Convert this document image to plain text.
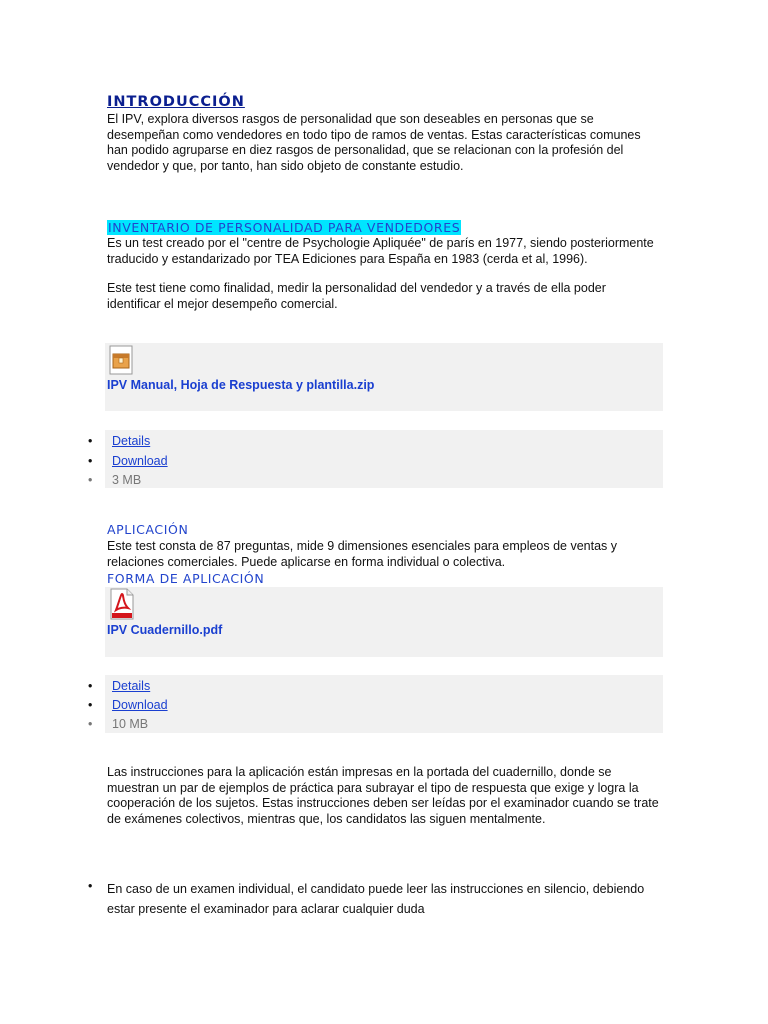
INTRODUCCIÓN
El IPV, explora diversos rasgos de personalidad que son deseables en personas que se
desempeñan como vendedores en todo tipo de ramos de ventas. Estas características comunes
han podido agruparse en diez rasgos de personalidad, que se relacionan con la profesión del
vendedor y que, por tanto, han sido objeto de constante estudio.
INVENTARIO DE PERSONALIDAD PARA VENDEDORES
Es un test creado por el "centre de Psychologie Apliquée" de parís en 1977, siendo posteriormente
traducido y estandarizado por TEA Ediciones para España en 1983 (cerda et al, 1996).
Este test tiene como finalidad, medir la personalidad del vendedor y a través de ella poder
identificar el mejor desempeño comercial.
IPV Manual, Hoja de Respuesta y plantilla.zip
•	Details
•	Download
•	3 MB
APLICACIÓN
Este test consta de 87 preguntas, mide 9 dimensiones esenciales para empleos de ventas y
relaciones comerciales. Puede aplicarse en forma individual o colectiva.
FORMA DE APLICACIÓN
IPV Cuadernillo.pdf
•	Details
•	Download
•	10 MB
Las instrucciones para la aplicación están impresas en la portada del cuadernillo, donde se
muestran un par de ejemplos de práctica para subrayar el tipo de respuesta que exige y logra la
cooperación de los sujetos. Estas instrucciones deben ser leídas por el examinador cuando se trate
de exámenes colectivos, mientras que, los candidatos las siguen mentalmente.
• En caso de un examen individual, el candidato puede leer las instrucciones en silencio, debiendo
estar presente el examinador para aclarar cualquier duda
